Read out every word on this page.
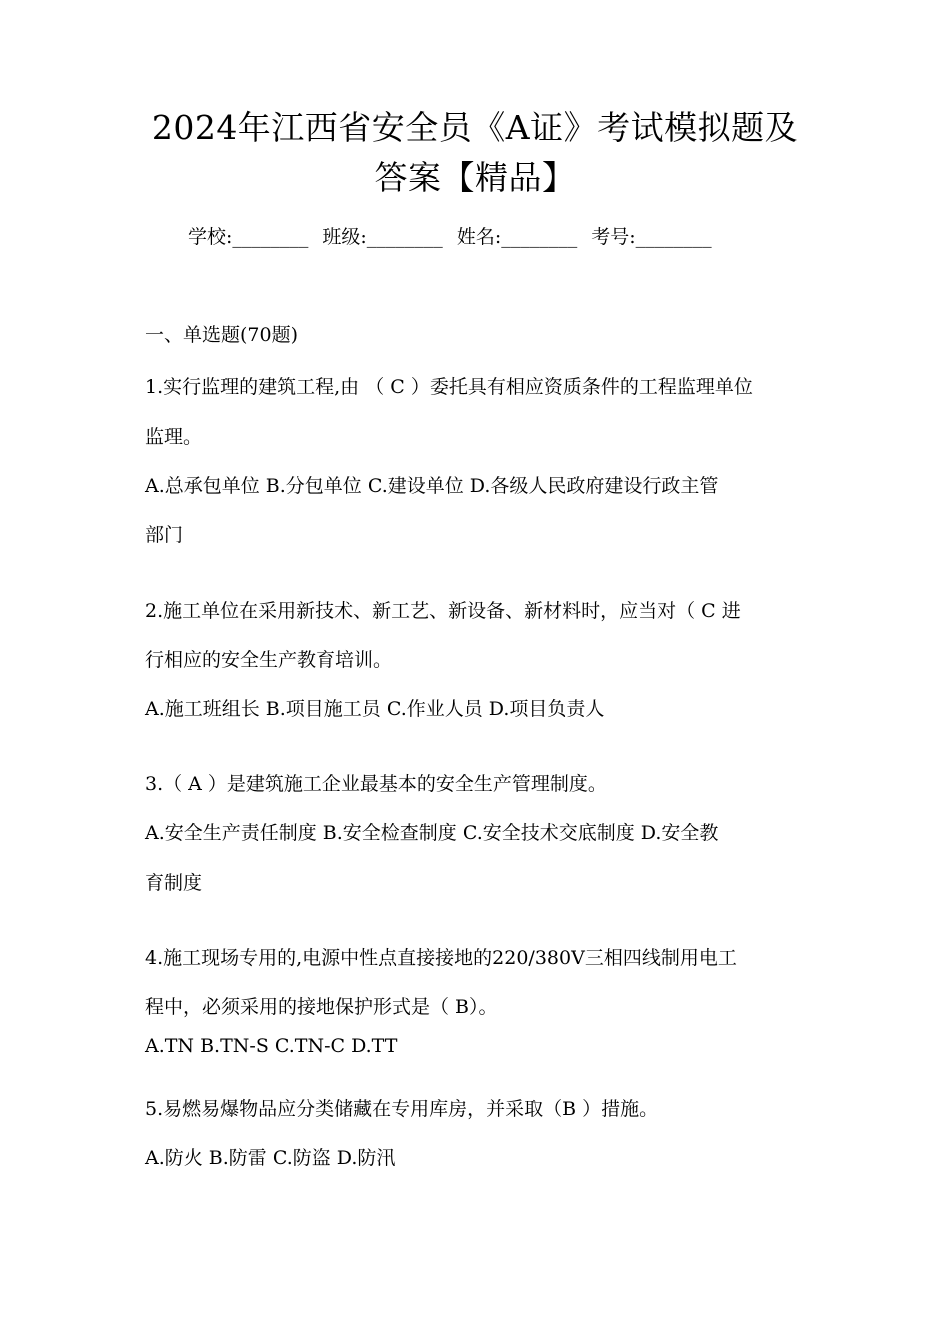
2024年江西省安全员《A证》考试模拟题及
答案【精品】
学校:________ 班级:________ 姓名:________ 考号:________
一、单选题(70题)
1.实行监理的建筑工程,由 （ C ）委托具有相应资质条件的工程监理单位
监理。
A.总承包单位 B.分包单位 C.建设单位 D.各级人民政府建设行政主管
部门
2.施工单位在采用新技术、新工艺、新设备、新材料时，应当对（ C 进
行相应的安全生产教育培训。
A.施工班组长 B.项目施工员 C.作业人员 D.项目负责人
3.（ A ）是建筑施工企业最基本的安全生产管理制度。
A.安全生产责任制度 B.安全检查制度 C.安全技术交底制度 D.安全教
育制度
4.施工现场专用的,电源中性点直接接地的220/380V三相四线制用电工
程中，必须采用的接地保护形式是（ B）。
A.TN B.TN-S C.TN-C D.TT
5.易燃易爆物品应分类储藏在专用库房，并采取（B ）措施。
A.防火 B.防雷 C.防盗 D.防汛
